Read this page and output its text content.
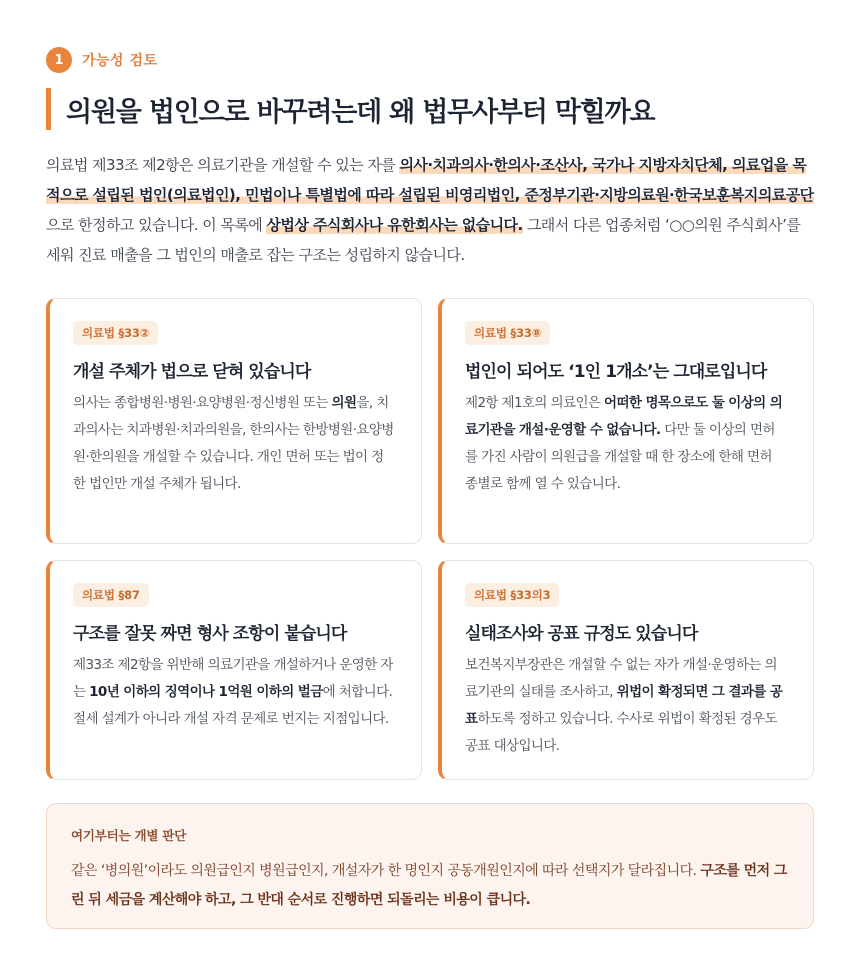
1	가능성 검토
의원을 법인으로 바꾸려는데 왜 법무사부터 막힐까요

의료법 제33조 제2항은 의료기관을 개설할 수 있는 자를 의사·치과의사·한의사·조산사, 국가나 지방자치단체, 의료업을 목적으로 설립된 법인(의료법인), 민법이나 특별법에 따라 설립된 비영리법인, 준정부기관·지방의료원·한국보훈복지의료공단으로 한정하고 있습니다. 이 목록에 상법상 주식회사나 유한회사는 없습니다. 그래서 다른 업종처럼 ‘○○의원 주식회사’를 세워 진료 매출을 그 법인의 매출로 잡는 구조는 성립하지 않습니다.

의료법 §33②
개설 주체가 법으로 닫혀 있습니다

의사는 종합병원·병원·요양병원·정신병원 또는 의원을, 치과의사는 치과병원·치과의원을, 한의사는 한방병원·요양병원·한의원을 개설할 수 있습니다. 개인 면허 또는 법이 정한 법인만 개설 주체가 됩니다.

의료법 §33⑧
법인이 되어도 ‘1인 1개소’는 그대로입니다

제2항 제1호의 의료인은 어떠한 명목으로도 둘 이상의 의료기관을 개설·운영할 수 없습니다. 다만 둘 이상의 면허를 가진 사람이 의원급을 개설할 때 한 장소에 한해 면허 종별로 함께 열 수 있습니다.

의료법 §87
구조를 잘못 짜면 형사 조항이 붙습니다

제33조 제2항을 위반해 의료기관을 개설하거나 운영한 자는 10년 이하의 징역이나 1억원 이하의 벌금에 처합니다. 절세 설계가 아니라 개설 자격 문제로 번지는 지점입니다.

의료법 §33의3
실태조사와 공표 규정도 있습니다

보건복지부장관은 개설할 수 없는 자가 개설·운영하는 의료기관의 실태를 조사하고, 위법이 확정되면 그 결과를 공표하도록 정하고 있습니다. 수사로 위법이 확정된 경우도 공표 대상입니다.

여기부터는 개별 판단

같은 ‘병의원’이라도 의원급인지 병원급인지, 개설자가 한 명인지 공동개원인지에 따라 선택지가 달라집니다. 구조를 먼저 그린 뒤 세금을 계산해야 하고, 그 반대 순서로 진행하면 되돌리는 비용이 큽니다.
